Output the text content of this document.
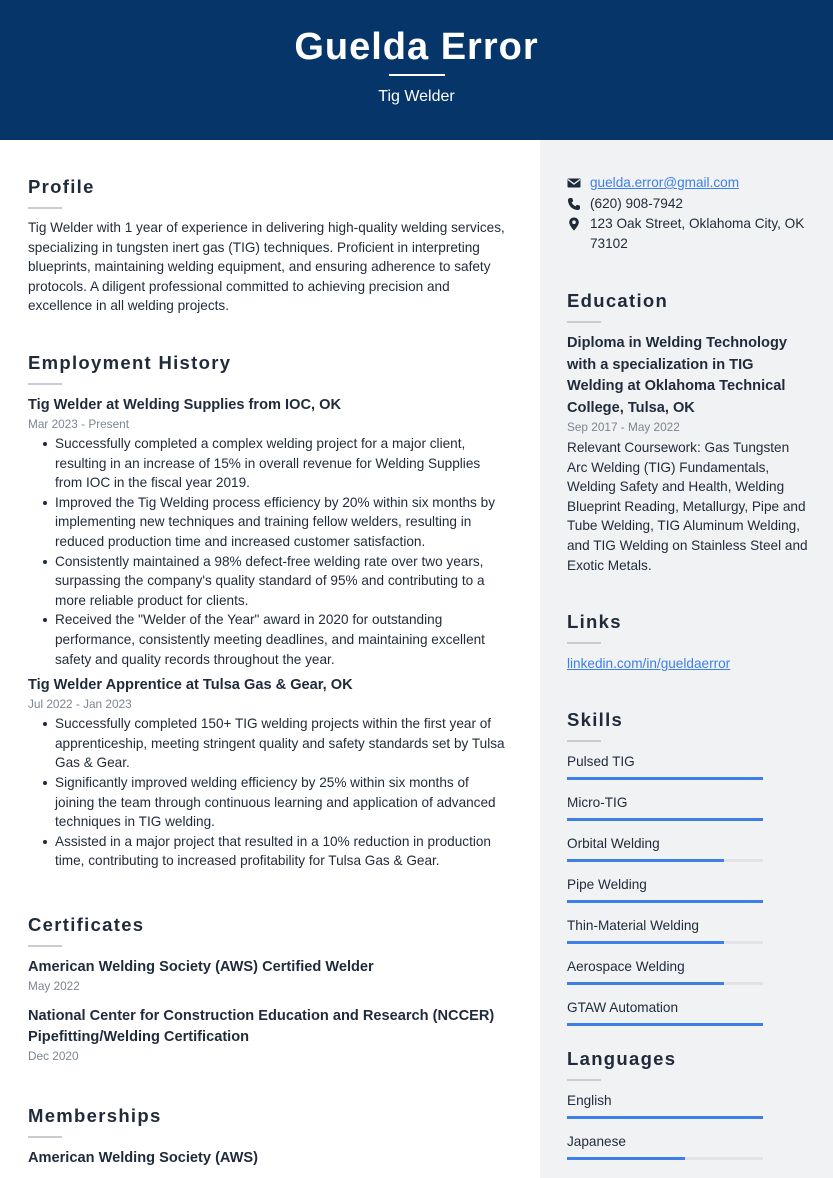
Guelda Error
Tig Welder
Profile
Tig Welder with 1 year of experience in delivering high-quality welding services, specializing in tungsten inert gas (TIG) techniques. Proficient in interpreting blueprints, maintaining welding equipment, and ensuring adherence to safety protocols. A diligent professional committed to achieving precision and excellence in all welding projects.
Employment History
Tig Welder at Welding Supplies from IOC, OK
Mar 2023 - Present
Successfully completed a complex welding project for a major client, resulting in an increase of 15% in overall revenue for Welding Supplies from IOC in the fiscal year 2019.
Improved the Tig Welding process efficiency by 20% within six months by implementing new techniques and training fellow welders, resulting in reduced production time and increased customer satisfaction.
Consistently maintained a 98% defect-free welding rate over two years, surpassing the company's quality standard of 95% and contributing to a more reliable product for clients.
Received the "Welder of the Year" award in 2020 for outstanding performance, consistently meeting deadlines, and maintaining excellent safety and quality records throughout the year.
Tig Welder Apprentice at Tulsa Gas & Gear, OK
Jul 2022 - Jan 2023
Successfully completed 150+ TIG welding projects within the first year of apprenticeship, meeting stringent quality and safety standards set by Tulsa Gas & Gear.
Significantly improved welding efficiency by 25% within six months of joining the team through continuous learning and application of advanced techniques in TIG welding.
Assisted in a major project that resulted in a 10% reduction in production time, contributing to increased profitability for Tulsa Gas & Gear.
Certificates
American Welding Society (AWS) Certified Welder
May 2022
National Center for Construction Education and Research (NCCER) Pipefitting/Welding Certification
Dec 2020
Memberships
American Welding Society (AWS)
guelda.error@gmail.com
(620) 908-7942
123 Oak Street, Oklahoma City, OK 73102
Education
Diploma in Welding Technology with a specialization in TIG Welding at Oklahoma Technical College, Tulsa, OK
Sep 2017 - May 2022
Relevant Coursework: Gas Tungsten Arc Welding (TIG) Fundamentals, Welding Safety and Health, Welding Blueprint Reading, Metallurgy, Pipe and Tube Welding, TIG Aluminum Welding, and TIG Welding on Stainless Steel and Exotic Metals.
Links
linkedin.com/in/gueldaerror
Skills
Pulsed TIG
Micro-TIG
Orbital Welding
Pipe Welding
Thin-Material Welding
Aerospace Welding
GTAW Automation
Languages
English
Japanese
